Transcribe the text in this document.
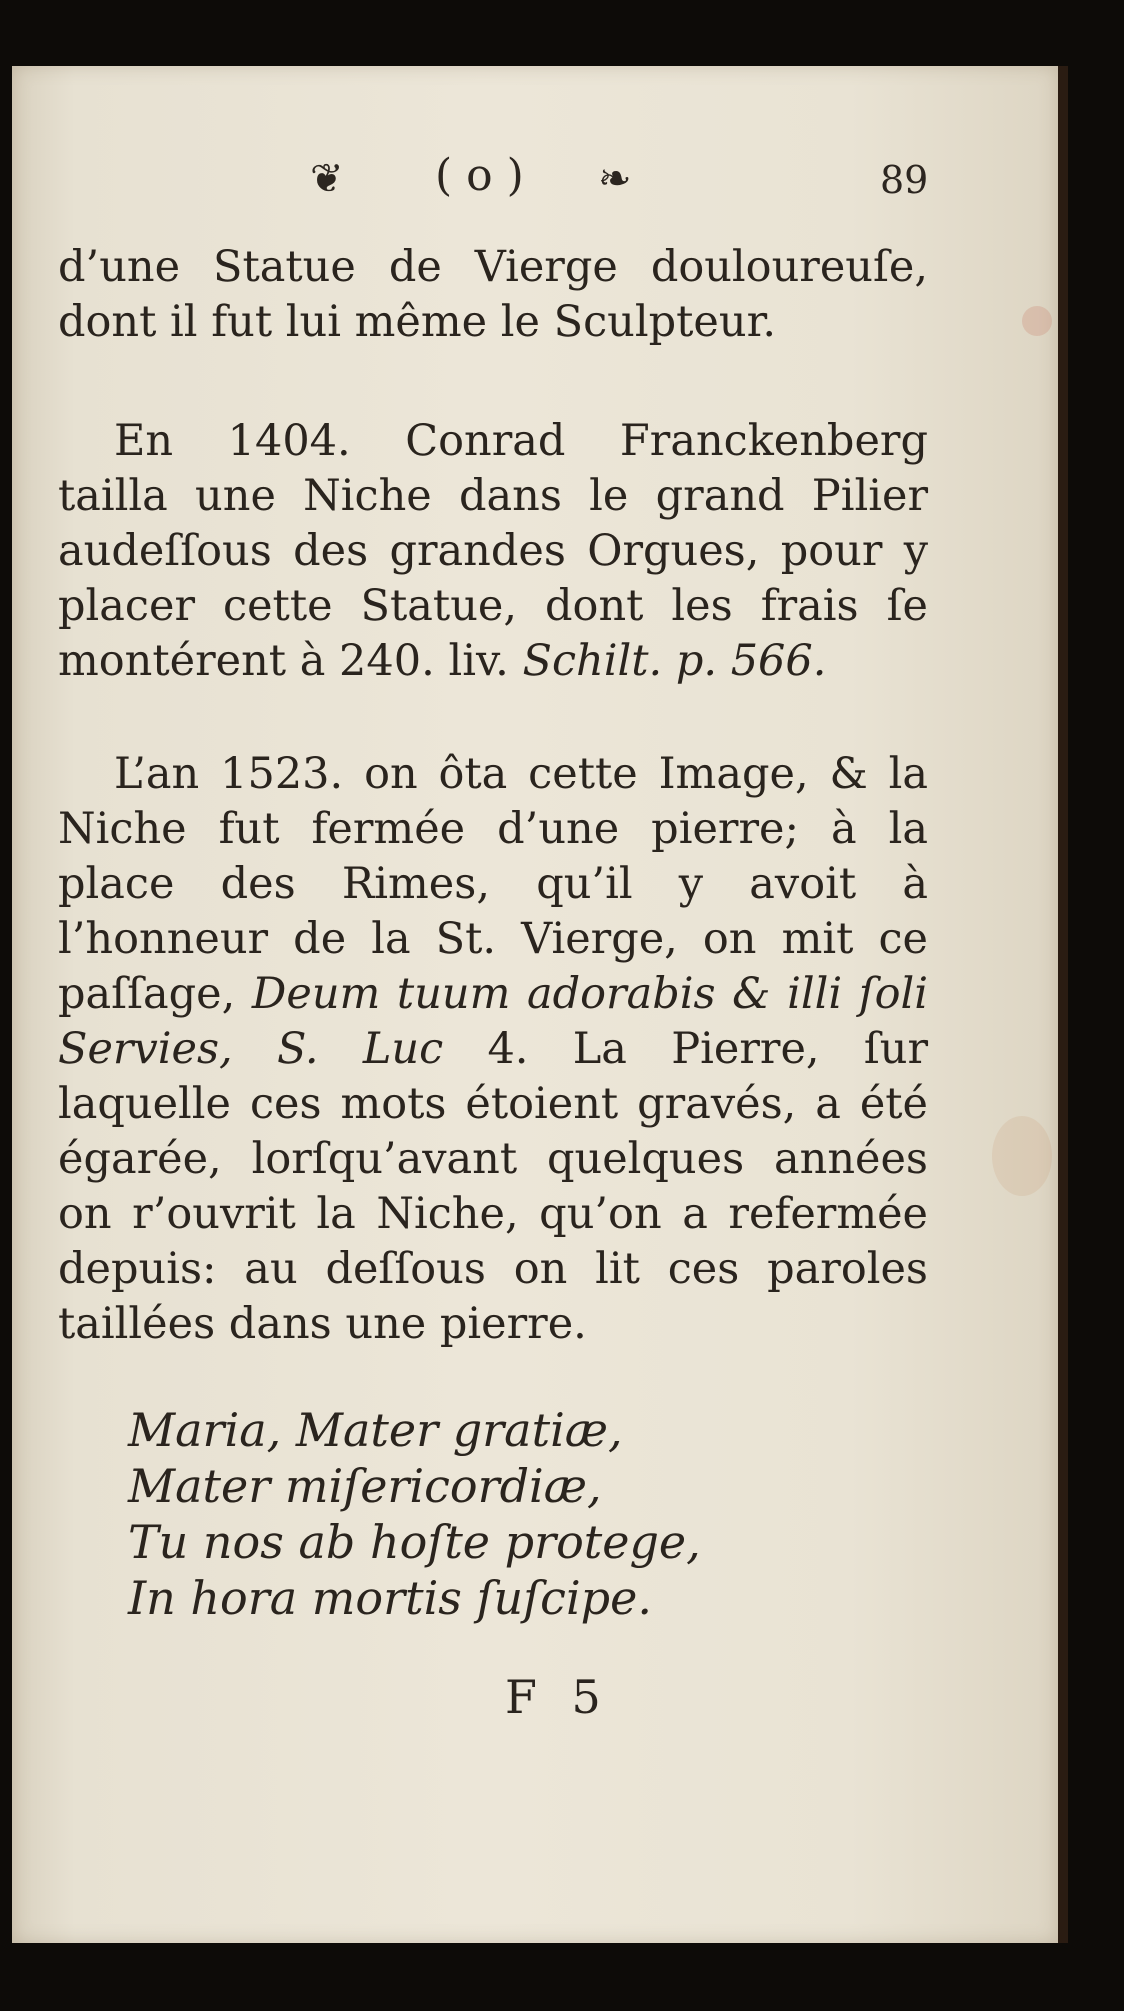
❦ ( o ) ❧	89

d’une Statue de Vierge douloureuſe, dont il fut lui même le Sculpteur.

En 1404. Conrad Franckenberg tailla une Niche dans le grand Pilier audeſſous des grandes Orgues, pour y placer cette Statue, dont les frais ſe montérent à 240. liv. Schilt. p. 566.

L’an 1523. on ôta cette Image, & la Niche fut fermée d’une pierre; à la place des Rimes, qu’il y avoit à l’honneur de la St. Vierge, on mit ce paſſage, Deum tuum adorabis & illi ſoli Servies, S. Luc 4. La Pierre, ſur laquelle ces mots étoient gravés, a été égarée, lorſqu’avant quelques années on r’ouvrit la Niche, qu’on a refermée depuis: au deſſous on lit ces paroles taillées dans une pierre.

Maria, Mater gratiæ,
Mater miſericordiæ,
Tu nos ab hoſte protege,
In hora mortis ſuſcipe.
F 5
